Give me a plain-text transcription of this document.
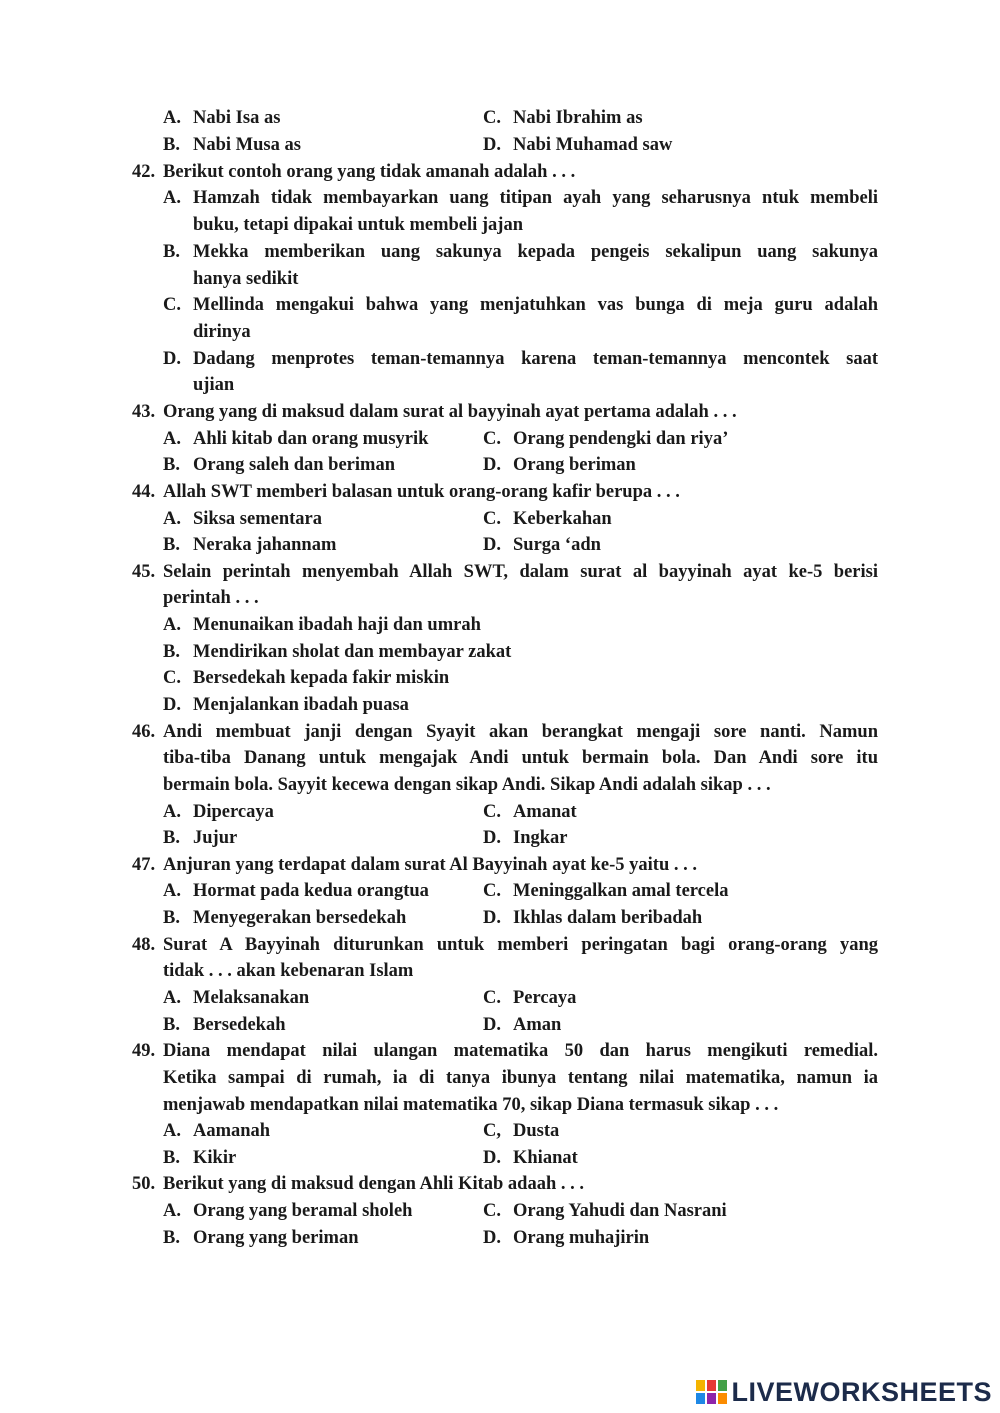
A. Nabi Isa as	C. Nabi Ibrahim as
B. Nabi Musa as	D. Nabi Muhamad saw
42. Berikut contoh orang yang tidak amanah adalah . . .
A. Hamzah tidak membayarkan uang titipan ayah yang seharusnya ntuk membeli
buku, tetapi dipakai untuk membeli jajan
B. Mekka memberikan uang sakunya kepada pengeis sekalipun uang sakunya
hanya sedikit
C. Mellinda mengakui bahwa yang menjatuhkan vas bunga di meja guru adalah
dirinya
D. Dadang menprotes teman-temannya karena teman-temannya mencontek saat
ujian
43. Orang yang di maksud dalam surat al bayyinah ayat pertama adalah . . .
A. Ahli kitab dan orang musyrik	C. Orang pendengki dan riya’
B. Orang saleh dan beriman	D. Orang beriman
44. Allah SWT memberi balasan untuk orang-orang kafir berupa . . .
A. Siksa sementara	C. Keberkahan
B. Neraka jahannam	D. Surga ‘adn
45. Selain perintah menyembah Allah SWT, dalam surat al bayyinah ayat ke-5 berisi
perintah . . .
A. Menunaikan ibadah haji dan umrah
B. Mendirikan sholat dan membayar zakat
C. Bersedekah kepada fakir miskin
D. Menjalankan ibadah puasa
46. Andi membuat janji dengan Syayit akan berangkat mengaji sore nanti. Namun
tiba-tiba Danang untuk mengajak Andi untuk bermain bola. Dan Andi sore itu
bermain bola. Sayyit kecewa dengan sikap Andi. Sikap Andi adalah sikap . . .
A. Dipercaya	C. Amanat
B. Jujur	D. Ingkar
47. Anjuran yang terdapat dalam surat Al Bayyinah ayat ke-5 yaitu . . .
A. Hormat pada kedua orangtua	C. Meninggalkan amal tercela
B. Menyegerakan bersedekah	D. Ikhlas dalam beribadah
48. Surat A Bayyinah diturunkan untuk memberi peringatan bagi orang-orang yang
tidak . . . akan kebenaran Islam
A. Melaksanakan	C. Percaya
B. Bersedekah	D. Aman
49. Diana mendapat nilai ulangan matematika 50 dan harus mengikuti remedial.
Ketika sampai di rumah, ia di tanya ibunya tentang nilai matematika, namun ia
menjawab mendapatkan nilai matematika 70, sikap Diana termasuk sikap . . .
A. Aamanah	C, Dusta
B. Kikir	D. Khianat
50. Berikut yang di maksud dengan Ahli Kitab adaah . . .
A. Orang yang beramal sholeh	C. Orang Yahudi dan Nasrani
B. Orang yang beriman	D. Orang muhajirin
LIVEWORKSHEETS
